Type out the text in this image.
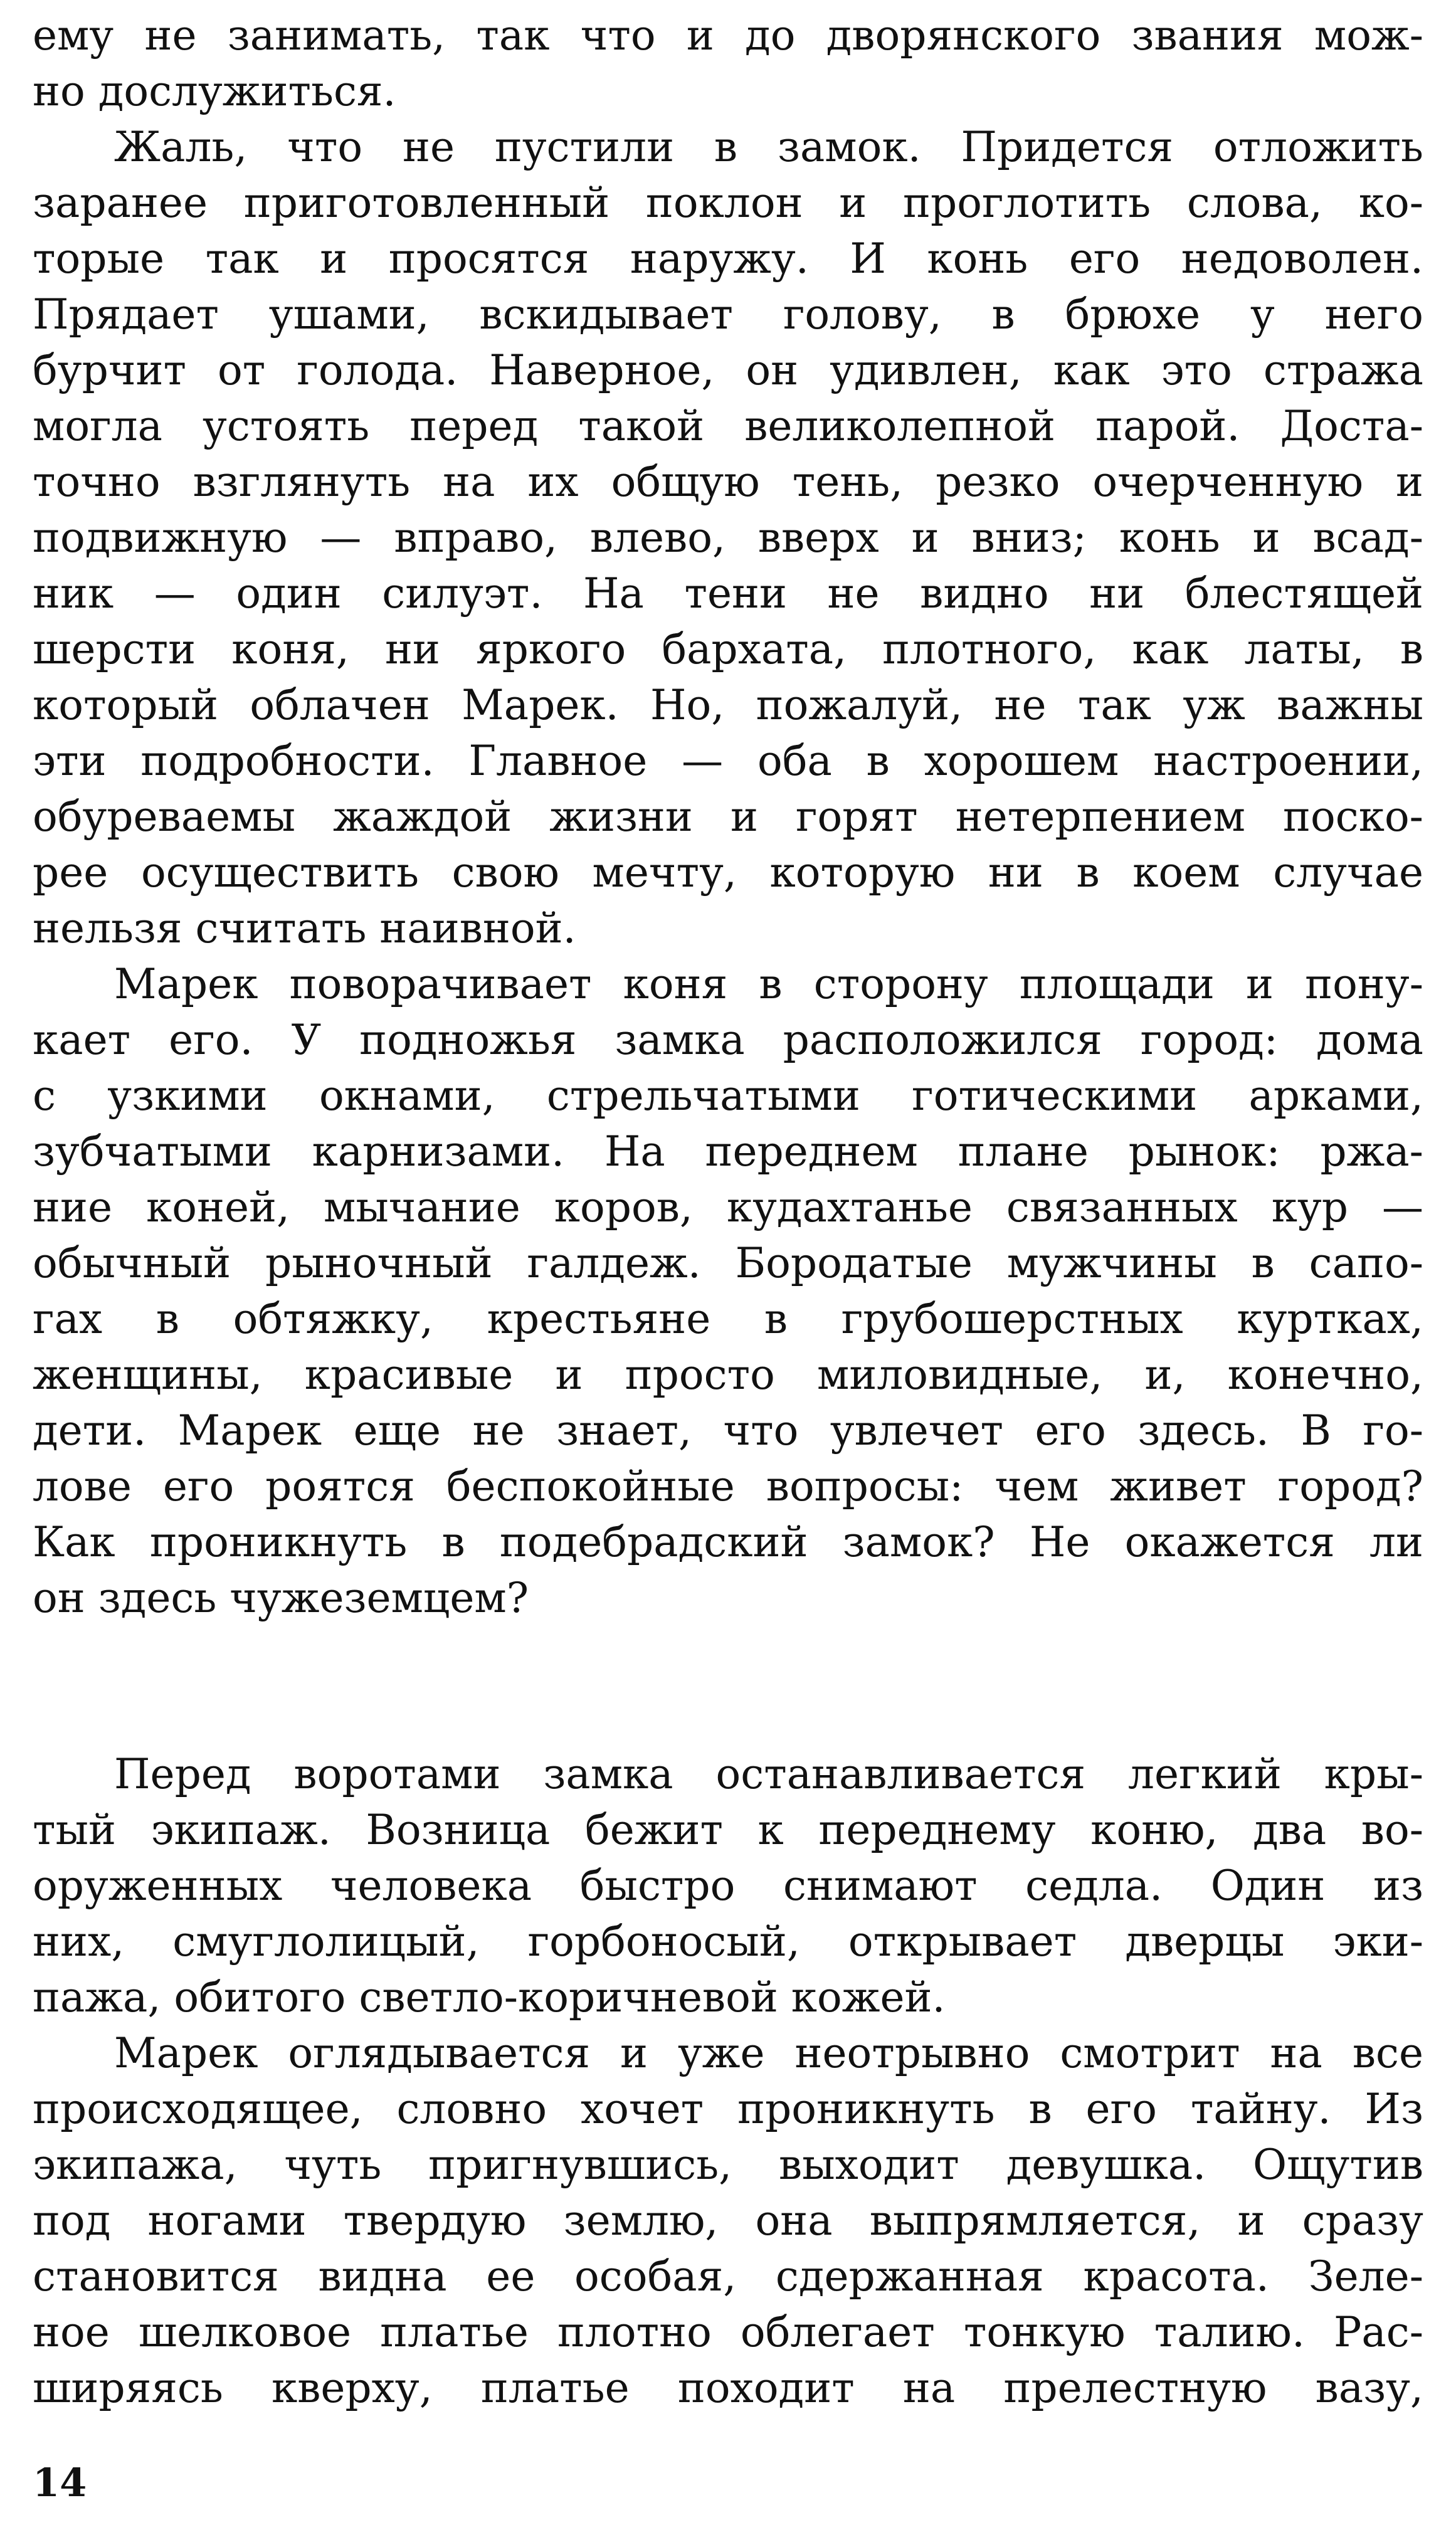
ему не занимать, так что и до дворянского звания мож-
но дослужиться.
Жаль, что не пустили в замок. Придется отложить
заранее приготовленный поклон и проглотить слова, ко-
торые так и просятся наружу. И конь его недоволен.
Прядает ушами, вскидывает голову, в брюхе у него
бурчит от голода. Наверное, он удивлен, как это стража
могла устоять перед такой великолепной парой. Доста-
точно взглянуть на их общую тень, резко очерченную и
подвижную — вправо, влево, вверх и вниз; конь и всад-
ник — один силуэт. На тени не видно ни блестящей
шерсти коня, ни яркого бархата, плотного, как латы, в
который облачен Марек. Но, пожалуй, не так уж важны
эти подробности. Главное — оба в хорошем настроении,
обуреваемы жаждой жизни и горят нетерпением поско-
рее осуществить свою мечту, которую ни в коем случае
нельзя считать наивной.
Марек поворачивает коня в сторону площади и пону-
кает его. У подножья замка расположился город: дома
с узкими окнами, стрельчатыми готическими арками,
зубчатыми карнизами. На переднем плане рынок: ржа-
ние коней, мычание коров, кудахтанье связанных кур —
обычный рыночный галдеж. Бородатые мужчины в сапо-
гах в обтяжку, крестьяне в грубошерстных куртках,
женщины, красивые и просто миловидные, и, конечно,
дети. Марек еще не знает, что увлечет его здесь. В го-
лове его роятся беспокойные вопросы: чем живет город?
Как проникнуть в подебрадский замок? Не окажется ли
он здесь чужеземцем?
Перед воротами замка останавливается легкий кры-
тый экипаж. Возница бежит к переднему коню, два во-
оруженных человека быстро снимают седла. Один из
них, смуглолицый, горбоносый, открывает дверцы эки-
пажа, обитого светло-коричневой кожей.
Марек оглядывается и уже неотрывно смотрит на все
происходящее, словно хочет проникнуть в его тайну. Из
экипажа, чуть пригнувшись, выходит девушка. Ощутив
под ногами твердую землю, она выпрямляется, и сразу
становится видна ее особая, сдержанная красота. Зеле-
ное шелковое платье плотно облегает тонкую талию. Рас-
ширяясь кверху, платье походит на прелестную вазу,
14
